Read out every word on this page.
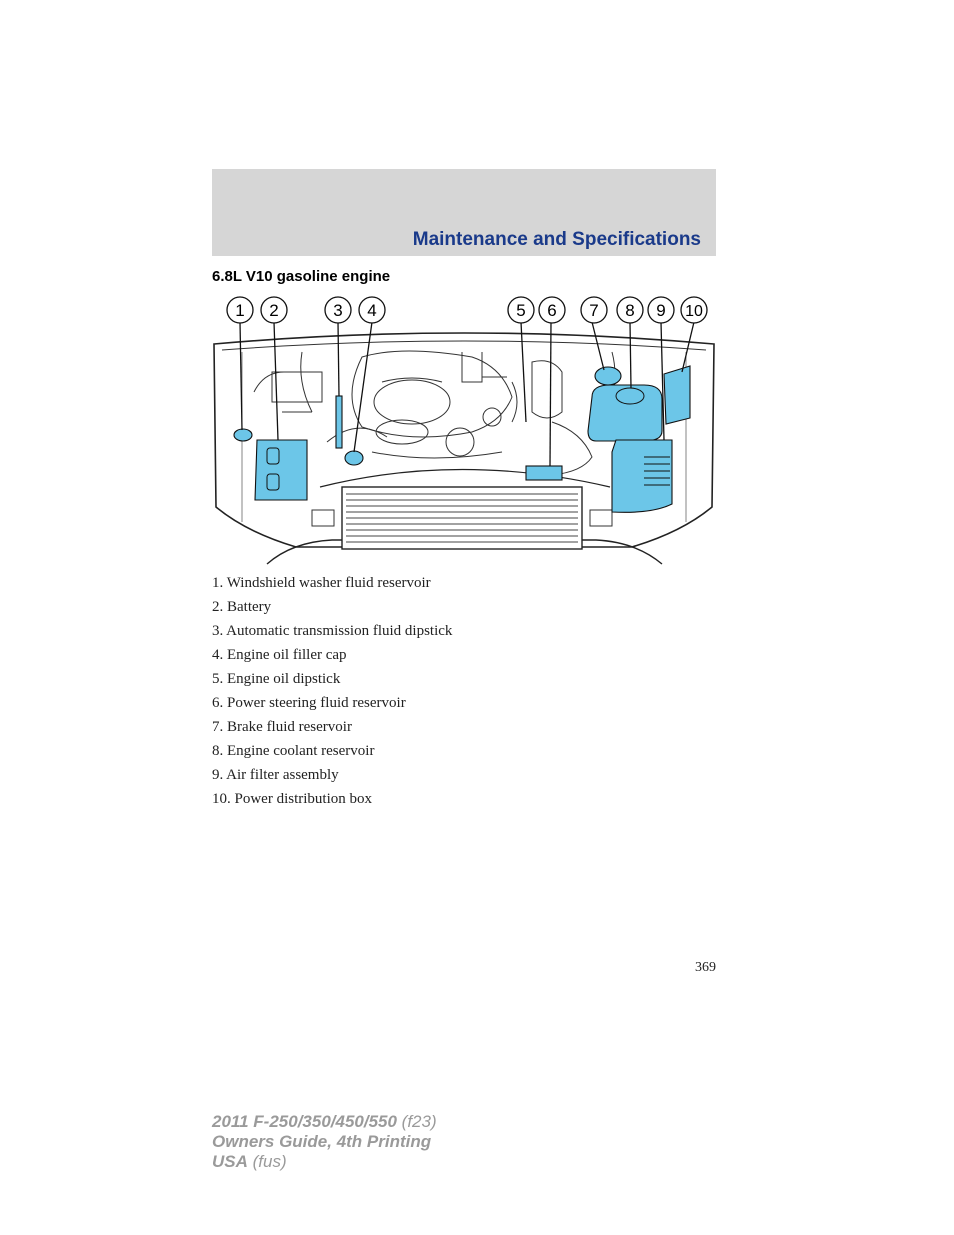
Maintenance and Specifications
6.8L V10 gasoline engine
1 2	3 4	5 6 7 8 9 10
1. Windshield washer fluid reservoir
2. Battery
3. Automatic transmission fluid dipstick
4. Engine oil filler cap
5. Engine oil dipstick
6. Power steering fluid reservoir
7. Brake fluid reservoir
8. Engine coolant reservoir
9. Air filter assembly
10. Power distribution box
369
2011 F-250/350/450/550 (f23)
Owners Guide, 4th Printing
USA (fus)
